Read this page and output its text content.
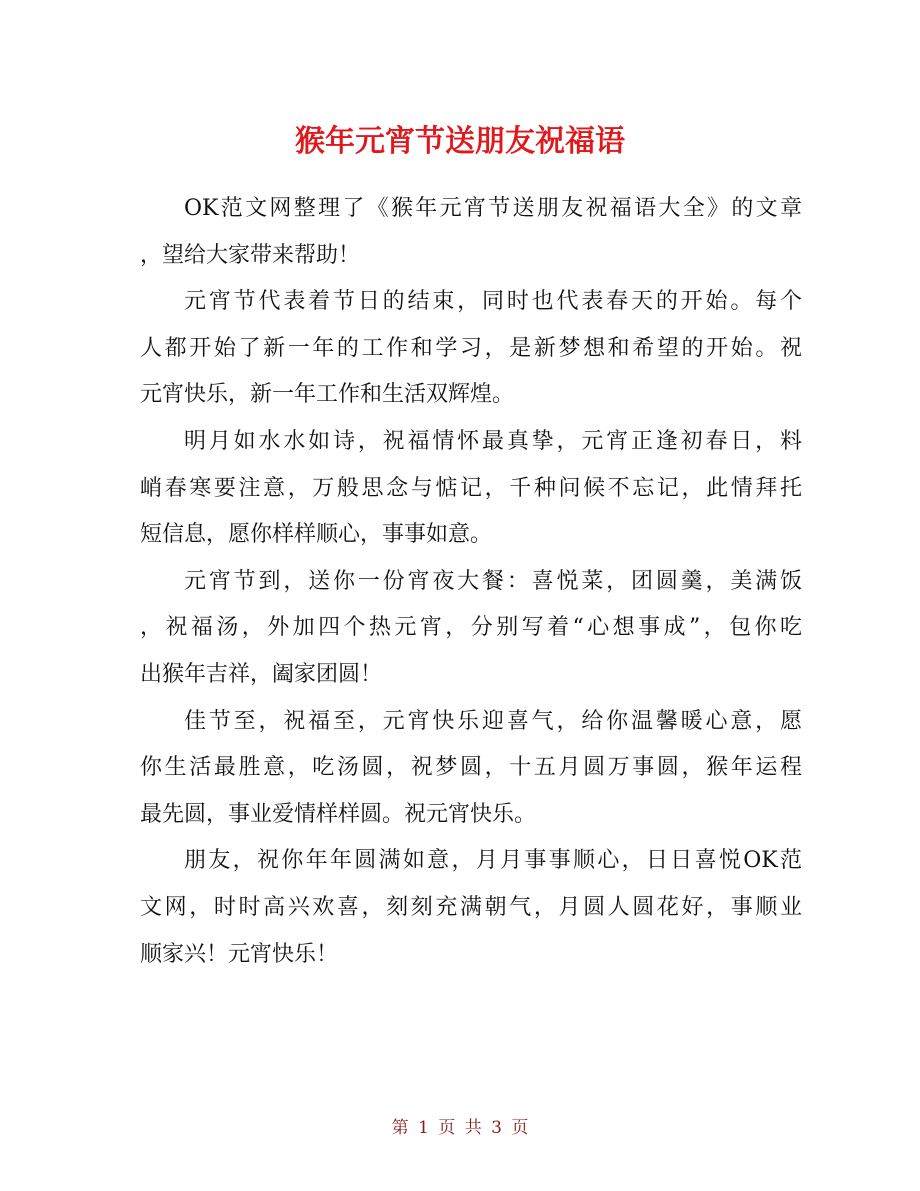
猴年元宵节送朋友祝福语
OK范文网整理了《猴年元宵节送朋友祝福语大全》的文章
，望给大家带来帮助！
元宵节代表着节日的结束，同时也代表春天的开始。每个
人都开始了新一年的工作和学习，是新梦想和希望的开始。祝
元宵快乐，新一年工作和生活双辉煌。
明月如水水如诗，祝福情怀最真挚，元宵正逢初春日，料
峭春寒要注意，万般思念与惦记，千种问候不忘记，此情拜托
短信息，愿你样样顺心，事事如意。
元宵节到，送你一份宵夜大餐：喜悦菜，团圆羹，美满饭
，祝福汤，外加四个热元宵，分别写着“心想事成”，包你吃
出猴年吉祥，阖家团圆！
佳节至，祝福至，元宵快乐迎喜气，给你温馨暖心意，愿
你生活最胜意，吃汤圆，祝梦圆，十五月圆万事圆，猴年运程
最先圆，事业爱情样样圆。祝元宵快乐。
朋友，祝你年年圆满如意，月月事事顺心，日日喜悦OK范
文网，时时高兴欢喜，刻刻充满朝气，月圆人圆花好，事顺业
顺家兴！元宵快乐！
第 1 页 共 3 页
